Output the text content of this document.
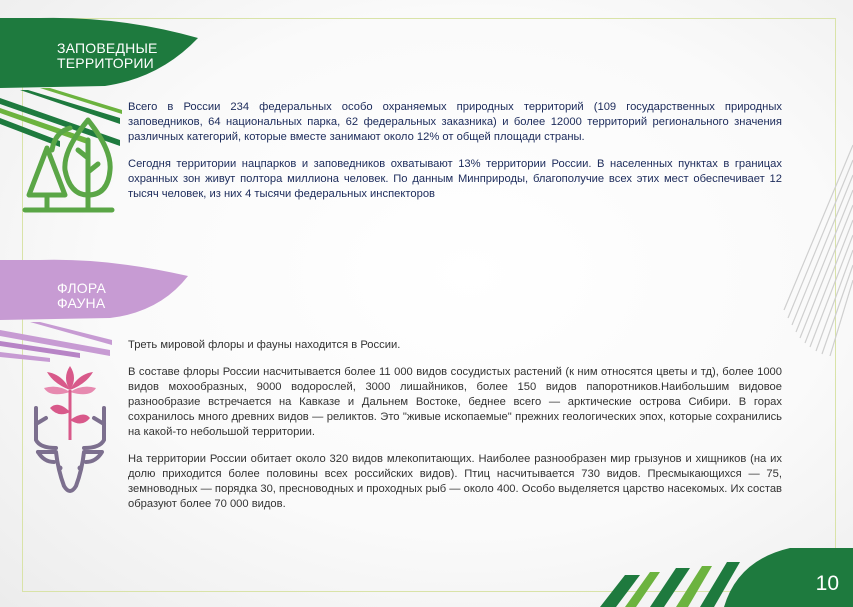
ЗАПОВЕДНЫЕ
ТЕРРИТОРИИ

Всего в России 234 федеральных особо охраняемых природных территорий (109 государственных природных заповедников, 64 национальных парка, 62 федеральных заказника) и более 12000 территорий регионального значения различных категорий, которые вместе занимают около 12% от общей площади страны.

Сегодня территории нацпарков и заповедников охватывают 13% территории России. В населенных пунктах в границах охранных зон живут полтора миллиона человек. По данным Минприроды, благополучие всех этих мест обеспечивает 12 тысяч человек, из них 4 тысячи федеральных инспекторов

ФЛОРА
ФАУНА

Треть мировой флоры и фауны находится в России.

В составе флоры России насчитывается более 11 000 видов сосудистых растений (к ним относятся цветы и тд), более 1000 видов мохообразных, 9000 водорослей, 3000 лишайников, более 150 видов папоротников.Наибольшим видовое разнообразие встречается на Кавказе и Дальнем Востоке, беднее всего — арктические острова Сибири. В горах сохранилось много древних видов — реликтов. Это "живые ископаемые" прежних геологических эпох, которые сохранились на какой-то небольшой территории.

На территории России обитает около 320 видов млекопитающих. Наиболее разнообразен мир грызунов и хищников (на их долю приходится более половины всех российских видов). Птиц насчитывается 730 видов. Пресмыкающихся — 75, земноводных — порядка 30, пресноводных и проходных рыб — около 400. Особо выделяется царство насекомых. Их состав образуют более 70 000 видов.

10
